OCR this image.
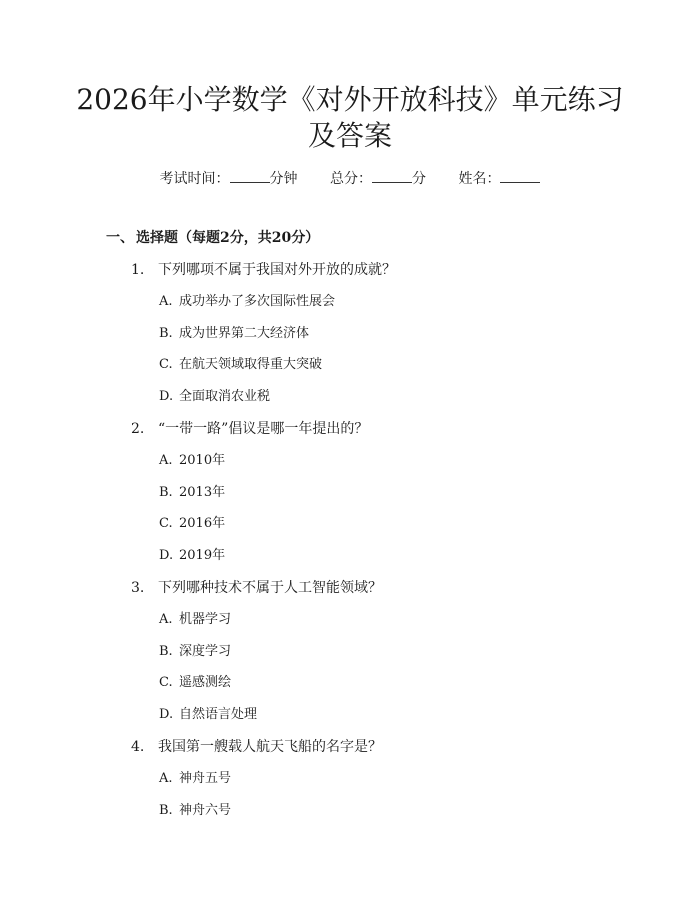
2026年小学数学《对外开放科技》单元练习
及答案
考试时间：	分钟 总分：	分 姓名：
一、 选择题（每题2分，共20分）
1. 下列哪项不属于我国对外开放的成就？
A. 成功举办了多次国际性展会
B. 成为世界第二大经济体
C. 在航天领域取得重大突破
D. 全面取消农业税
2. “一带一路”倡议是哪一年提出的？
A. 2010年
B. 2013年
C. 2016年
D. 2019年
3. 下列哪种技术不属于人工智能领域？
A. 机器学习
B. 深度学习
C. 遥感测绘
D. 自然语言处理
4. 我国第一艘载人航天飞船的名字是？
A. 神舟五号
B. 神舟六号
